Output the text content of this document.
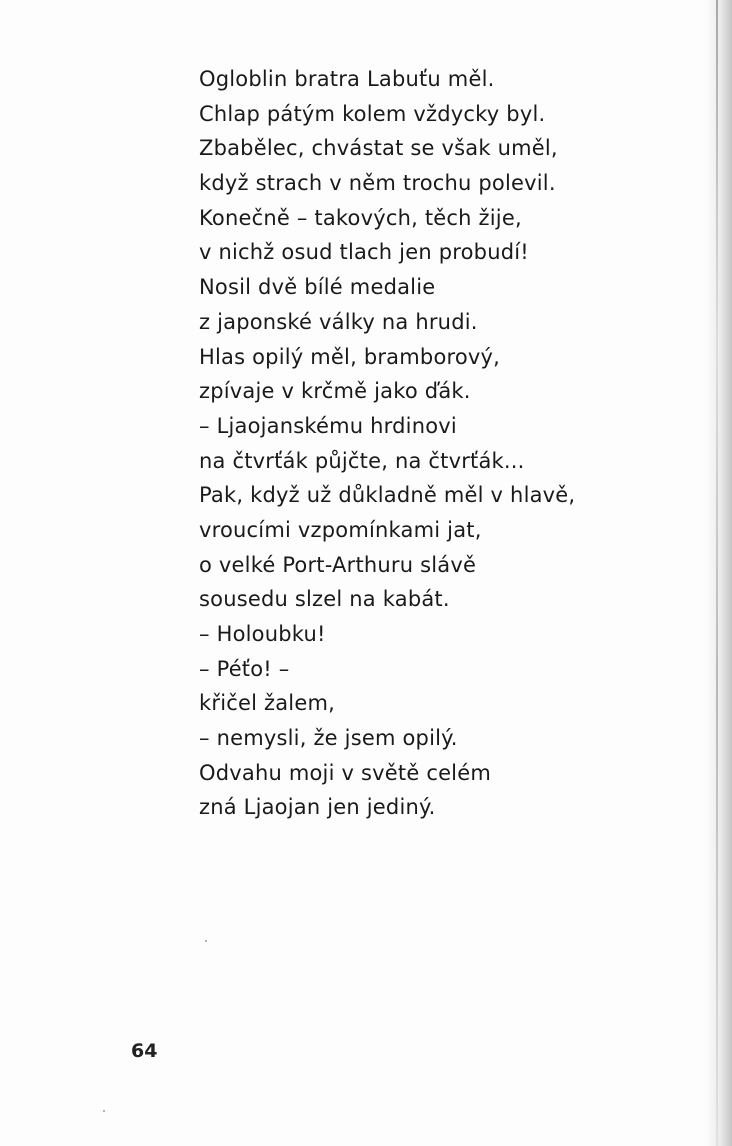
Ogloblin bratra Labuťu měl.
Chlap pátým kolem vždycky byl.
Zbabělec, chvástat se však uměl,
když strach v něm trochu polevil.
Konečně – takových, těch žije,
v nichž osud tlach jen probudí!
Nosil dvě bílé medalie
z japonské války na hrudi.
Hlas opilý měl, bramborový,
zpívaje v krčmě jako ďák.
– Ljaojanskému hrdinovi
na čtvrťák půjčte, na čtvrťák...
Pak, když už důkladně měl v hlavě,
vroucími vzpomínkami jat,
o velké Port-Arthuru slávě
sousedu slzel na kabát.
– Holoubku!
– Péťo! –
křičel žalem,
– nemysli, že jsem opilý.
Odvahu moji v světě celém
zná Ljaojan jen jediný.
64
